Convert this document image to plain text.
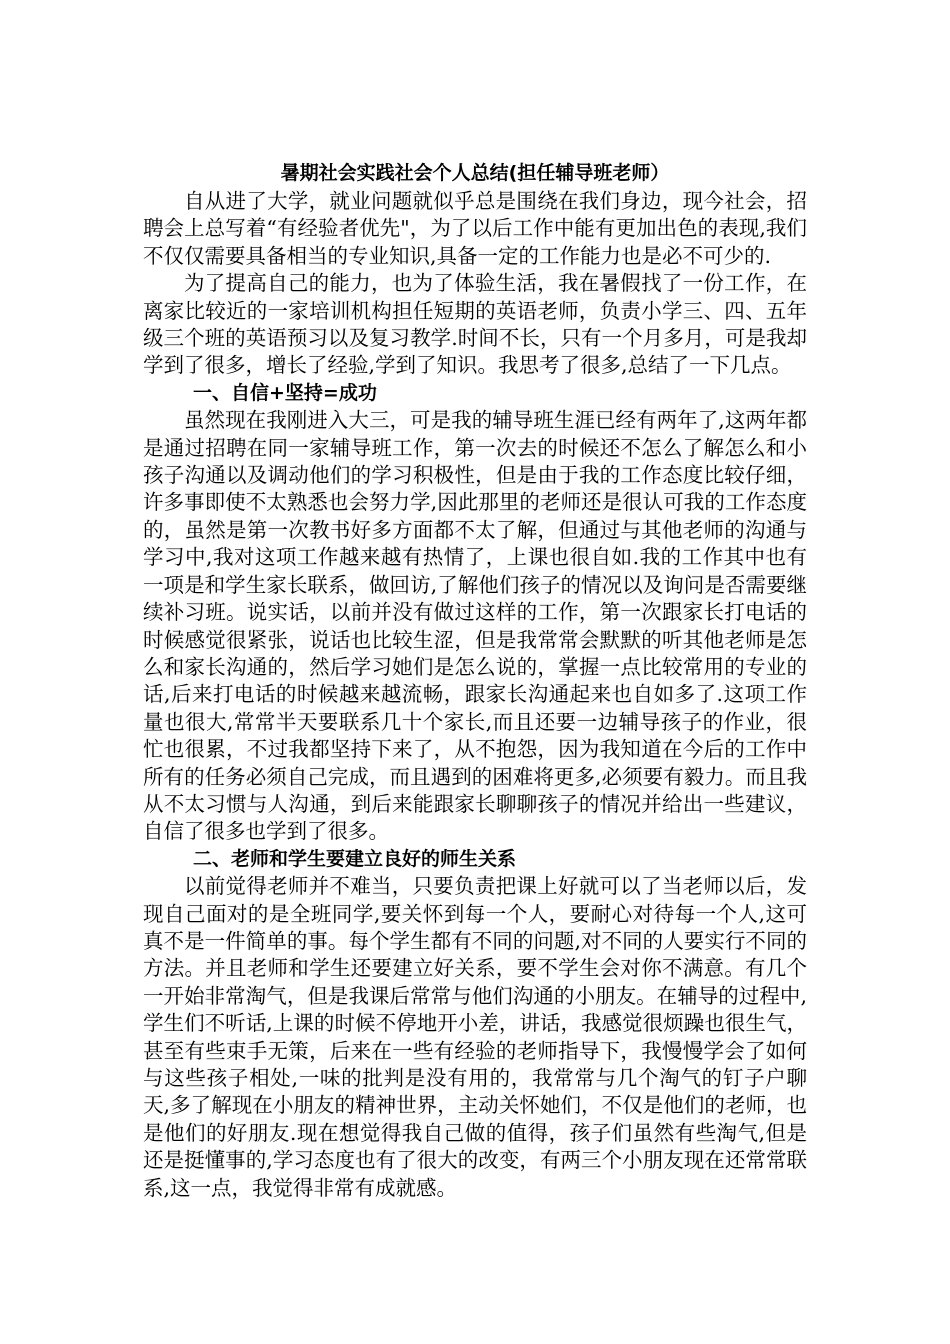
暑期社会实践社会个人总结(担任辅导班老师）

自从进了大学，就业问题就似乎总是围绕在我们身边，现今社会，招聘会上总写着“有经验者优先"，为了以后工作中能有更加出色的表现,我们不仅仅需要具备相当的专业知识,具备一定的工作能力也是必不可少的.

为了提高自己的能力，也为了体验生活，我在暑假找了一份工作，在离家比较近的一家培训机构担任短期的英语老师，负责小学三、四、五年级三个班的英语预习以及复习教学.时间不长，只有一个月多月，可是我却学到了很多，增长了经验,学到了知识。我思考了很多,总结了一下几点。

一、自信+坚持=成功

虽然现在我刚进入大三，可是我的辅导班生涯已经有两年了,这两年都是通过招聘在同一家辅导班工作，第一次去的时候还不怎么了解怎么和小孩子沟通以及调动他们的学习积极性，但是由于我的工作态度比较仔细，许多事即使不太熟悉也会努力学,因此那里的老师还是很认可我的工作态度的，虽然是第一次教书好多方面都不太了解，但通过与其他老师的沟通与学习中,我对这项工作越来越有热情了，上课也很自如.我的工作其中也有一项是和学生家长联系，做回访,了解他们孩子的情况以及询问是否需要继续补习班。说实话，以前并没有做过这样的工作，第一次跟家长打电话的时候感觉很紧张，说话也比较生涩，但是我常常会默默的听其他老师是怎么和家长沟通的，然后学习她们是怎么说的，掌握一点比较常用的专业的话,后来打电话的时候越来越流畅，跟家长沟通起来也自如多了.这项工作量也很大,常常半天要联系几十个家长,而且还要一边辅导孩子的作业，很忙也很累，不过我都坚持下来了，从不抱怨，因为我知道在今后的工作中所有的任务必须自己完成，而且遇到的困难将更多,必须要有毅力。而且我从不太习惯与人沟通，到后来能跟家长聊聊孩子的情况并给出一些建议，自信了很多也学到了很多。

二、老师和学生要建立良好的师生关系

以前觉得老师并不难当，只要负责把课上好就可以了当老师以后，发现自己面对的是全班同学,要关怀到每一个人，要耐心对待每一个人,这可真不是一件简单的事。每个学生都有不同的问题,对不同的人要实行不同的方法。并且老师和学生还要建立好关系，要不学生会对你不满意。有几个一开始非常淘气，但是我课后常常与他们沟通的小朋友。在辅导的过程中,学生们不听话,上课的时候不停地开小差，讲话，我感觉很烦躁也很生气，甚至有些束手无策，后来在一些有经验的老师指导下，我慢慢学会了如何与这些孩子相处,一味的批判是没有用的，我常常与几个淘气的钉子户聊天,多了解现在小朋友的精神世界，主动关怀她们，不仅是他们的老师，也是他们的好朋友.现在想觉得我自己做的值得，孩子们虽然有些淘气,但是还是挺懂事的,学习态度也有了很大的改变，有两三个小朋友现在还常常联系,这一点，我觉得非常有成就感。
